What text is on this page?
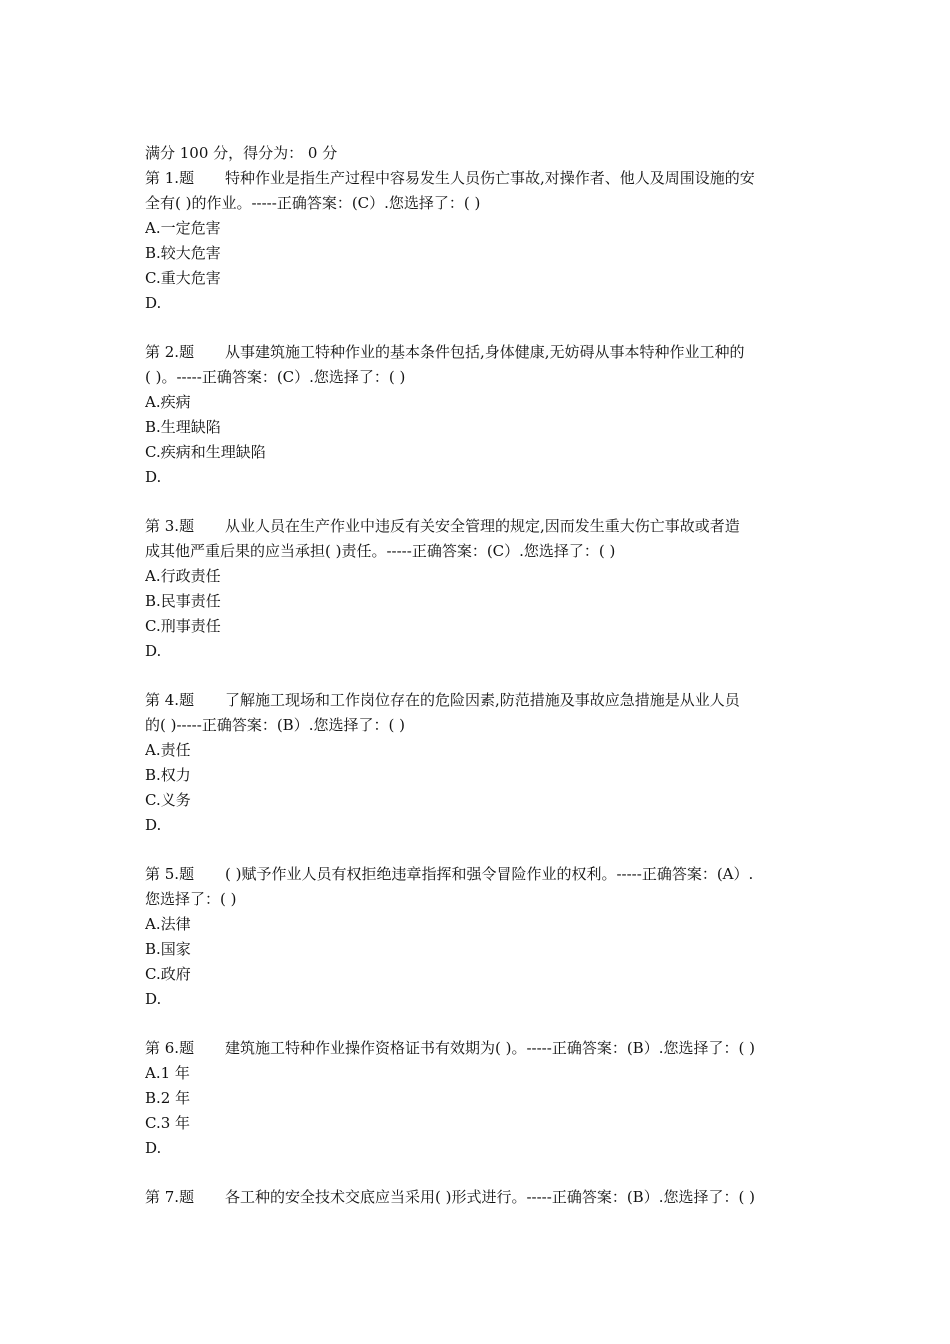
满分 100 分，得分为： 0 分
第 1.题 特种作业是指生产过程中容易发生人员伤亡事故,对操作者、他人及周围设施的安
全有( )的作业。-----正确答案：(C）.您选择了：( )
A.一定危害
B.较大危害
C.重大危害
D.
第 2.题 从事建筑施工特种作业的基本条件包括,身体健康,无妨碍从事本特种作业工种的
( )。-----正确答案：(C）.您选择了：( )
A.疾病
B.生理缺陷
C.疾病和生理缺陷
D.
第 3.题 从业人员在生产作业中违反有关安全管理的规定,因而发生重大伤亡事故或者造
成其他严重后果的应当承担( )责任。-----正确答案：(C）.您选择了：( )
A.行政责任
B.民事责任
C.刑事责任
D.
第 4.题 了解施工现场和工作岗位存在的危险因素,防范措施及事故应急措施是从业人员
的( )-----正确答案：(B）.您选择了：( )
A.责任
B.权力
C.义务
D.
第 5.题 ( )赋予作业人员有权拒绝违章指挥和强令冒险作业的权利。-----正确答案：(A）.
您选择了：( )
A.法律
B.国家
C.政府
D.
第 6.题 建筑施工特种作业操作资格证书有效期为( )。-----正确答案：(B）.您选择了：( )
A.1 年
B.2 年
C.3 年
D.
第 7.题 各工种的安全技术交底应当采用( )形式进行。-----正确答案：(B）.您选择了：( )
